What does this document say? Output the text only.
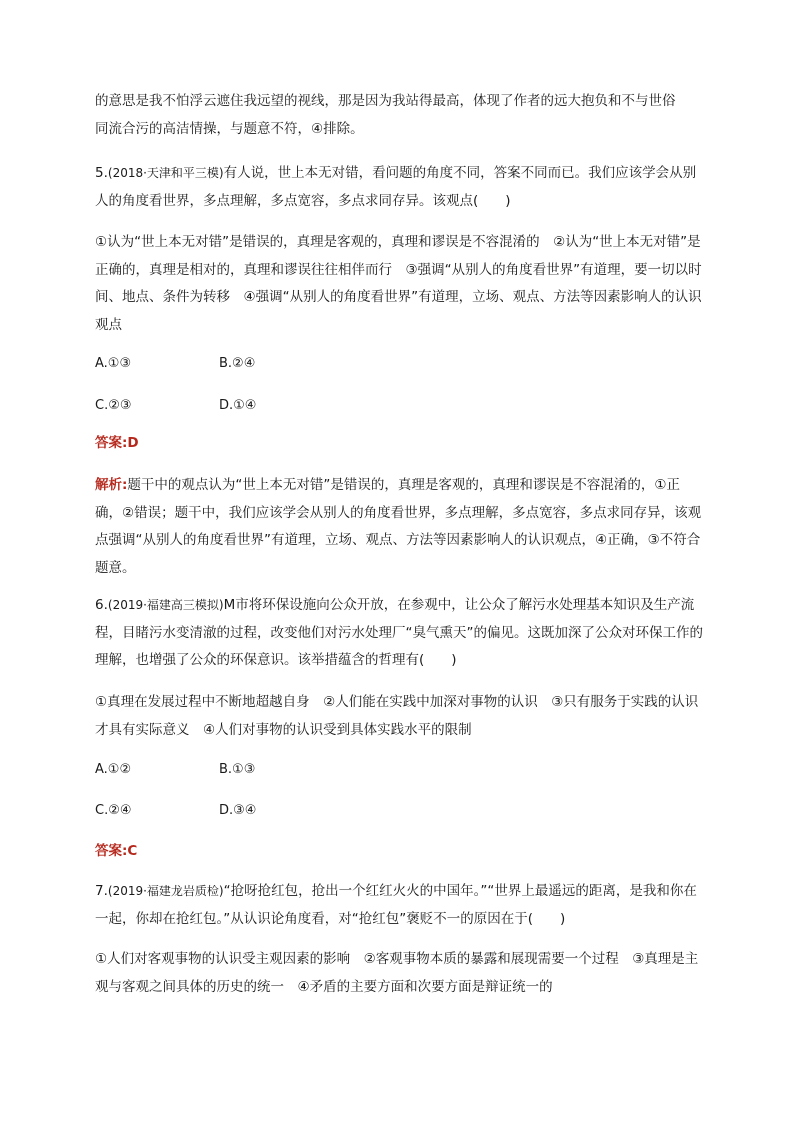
的意思是我不怕浮云遮住我远望的视线，那是因为我站得最高，体现了作者的远大抱负和不与世俗
同流合污的高洁情操，与题意不符，④排除。
5.(2018·天津和平三模)有人说，世上本无对错，看问题的角度不同，答案不同而已。我们应该学会从别人的角度看世界，多点理解，多点宽容，多点求同存异。该观点(　　)
①认为“世上本无对错”是错误的，真理是客观的，真理和谬误是不容混淆的　②认为“世上本无对错”是正确的，真理是相对的，真理和谬误往往相伴而行　③强调“从别人的角度看世界”有道理，要一切以时间、地点、条件为转移　④强调“从别人的角度看世界”有道理，立场、观点、方法等因素影响人的认识观点
A.①③	B.②④
C.②③	D.①④
答案:D
解析:题干中的观点认为“世上本无对错”是错误的，真理是客观的，真理和谬误是不容混淆的，①正确，②错误；题干中，我们应该学会从别人的角度看世界，多点理解，多点宽容，多点求同存异，该观点强调“从别人的角度看世界”有道理，立场、观点、方法等因素影响人的认识观点，④正确，③不符合题意。
6.(2019·福建高三模拟)M市将环保设施向公众开放，在参观中，让公众了解污水处理基本知识及生产流程，目睹污水变清澈的过程，改变他们对污水处理厂“臭气熏天”的偏见。这既加深了公众对环保工作的理解，也增强了公众的环保意识。该举措蕴含的哲理有(　　)
①真理在发展过程中不断地超越自身　②人们能在实践中加深对事物的认识　③只有服务于实践的认识才具有实际意义　④人们对事物的认识受到具体实践水平的限制
A.①②	B.①③
C.②④	D.③④
答案:C
7.(2019·福建龙岩质检)“抢呀抢红包，抢出一个红红火火的中国年。”“世界上最遥远的距离，是我和你在一起，你却在抢红包。”从认识论角度看，对“抢红包”褒贬不一的原因在于(　　)
①人们对客观事物的认识受主观因素的影响　②客观事物本质的暴露和展现需要一个过程　③真理是主观与客观之间具体的历史的统一　④矛盾的主要方面和次要方面是辩证统一的
